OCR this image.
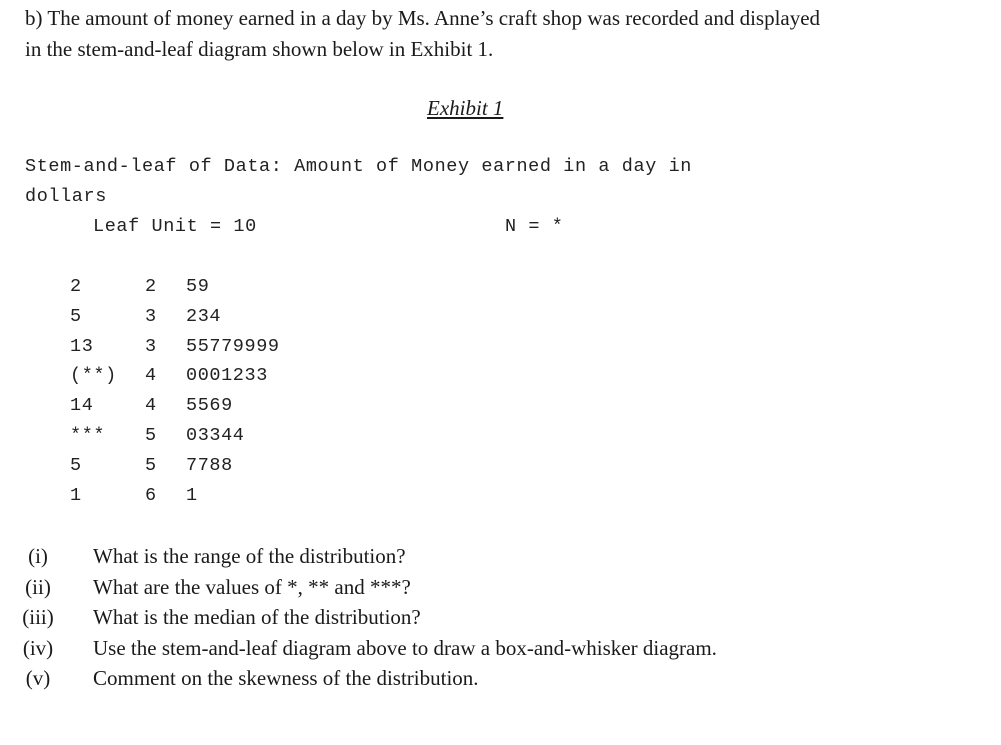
b) The amount of money earned in a day by Ms. Anne’s craft shop was recorded and displayed
in the stem-and-leaf diagram shown below in Exhibit 1.
Exhibit 1
Stem-and-leaf of Data: Amount of Money earned in a day in
dollars
Leaf Unit = 10	N = *
2	2 59
5	3 234
13	3 55779999
(**) 4 0001233
14	4 5569
*** 5 03344
5	5 7788
1	6 1
(i)	What is the range of the distribution?
(ii)	What are the values of *, ** and ***?
(iii) What is the median of the distribution?
(iv) Use the stem-and-leaf diagram above to draw a box-and-whisker diagram.
(v)	Comment on the skewness of the distribution.
